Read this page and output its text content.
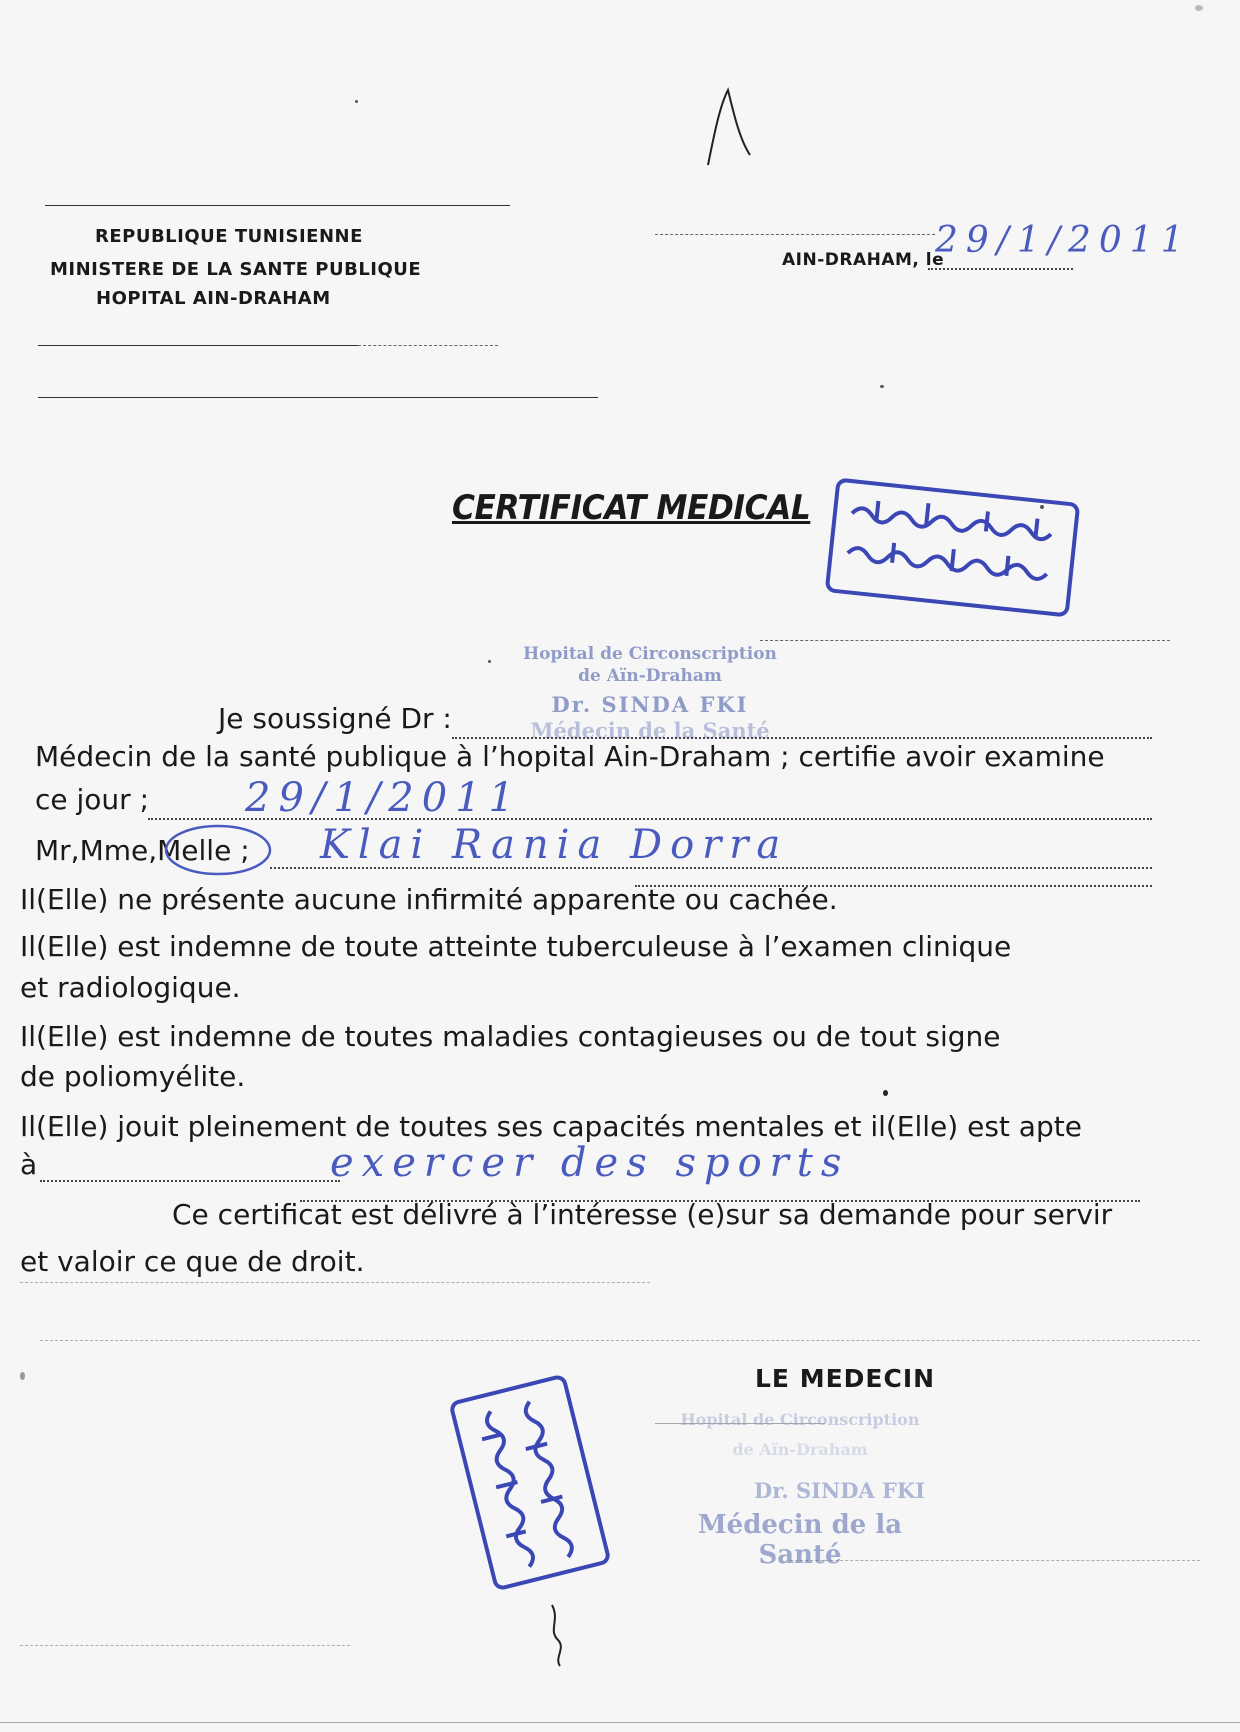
REPUBLIQUE TUNISIENNE
MINISTERE DE LA SANTE PUBLIQUE
HOPITAL AIN-DRAHAM
AIN-DRAHAM, le
29/1/2011
CERTIFICAT MEDICAL
Hopital de Circonscription
de Aïn-Draham
Dr. SINDA FKI
Médecin de la Santé
Je soussigné Dr :
Médecin de la santé publique à l’hopital Ain-Draham ; certifie avoir examine
ce jour ; 29/1/2011
Mr,Mme,Melle ; Klai Rania Dorra
Il(Elle) ne présente aucune infirmité apparente ou cachée.
Il(Elle) est indemne de toute atteinte tuberculeuse à l’examen clinique
et radiologique.
Il(Elle) est indemne de toutes maladies contagieuses ou de tout signe
de poliomyélite.
Il(Elle) jouit pleinement de toutes ses capacités mentales et il(Elle) est apte
à	exercer des sports
Ce certificat est délivré à l’intéresse (e)sur sa demande pour servir
et valoir ce que de droit.
LE MEDECIN
Hopital de Circonscription
de Aïn-Draham
Dr. SINDA FKI
Médecin de la Santé
